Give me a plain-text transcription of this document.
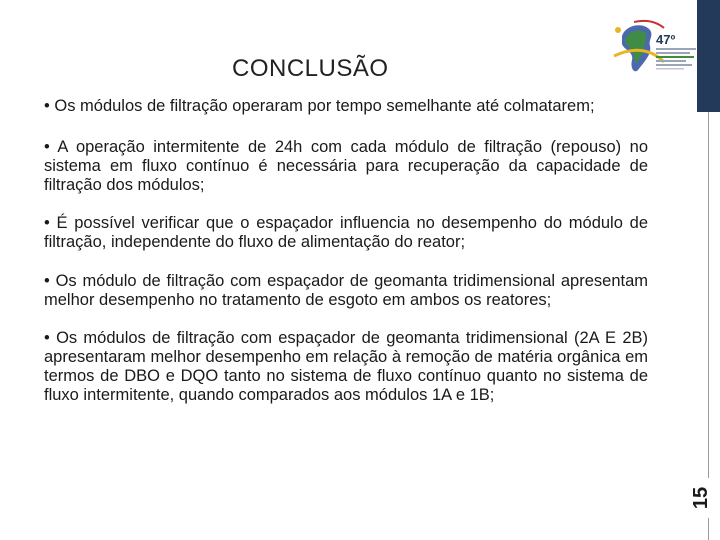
CONCLUSÃO
• Os módulos de filtração operaram por tempo semelhante até colmatarem;
• A operação intermitente de 24h com cada módulo de filtração (repouso) no sistema em fluxo contínuo é necessária para recuperação da capacidade de filtração dos módulos;
• É possível verificar que o espaçador influencia no desempenho do módulo de filtração, independente do fluxo de alimentação do reator;
• Os módulo de filtração com espaçador de geomanta tridimensional apresentam melhor desempenho no tratamento de esgoto em ambos os reatores;
• Os módulos de filtração com espaçador de geomanta tridimensional (2A E 2B) apresentaram melhor desempenho em relação à remoção de matéria orgânica em termos de DBO e DQO tanto no sistema de fluxo contínuo quanto no sistema de fluxo intermitente, quando comparados aos módulos 1A e 1B;
47º
15
